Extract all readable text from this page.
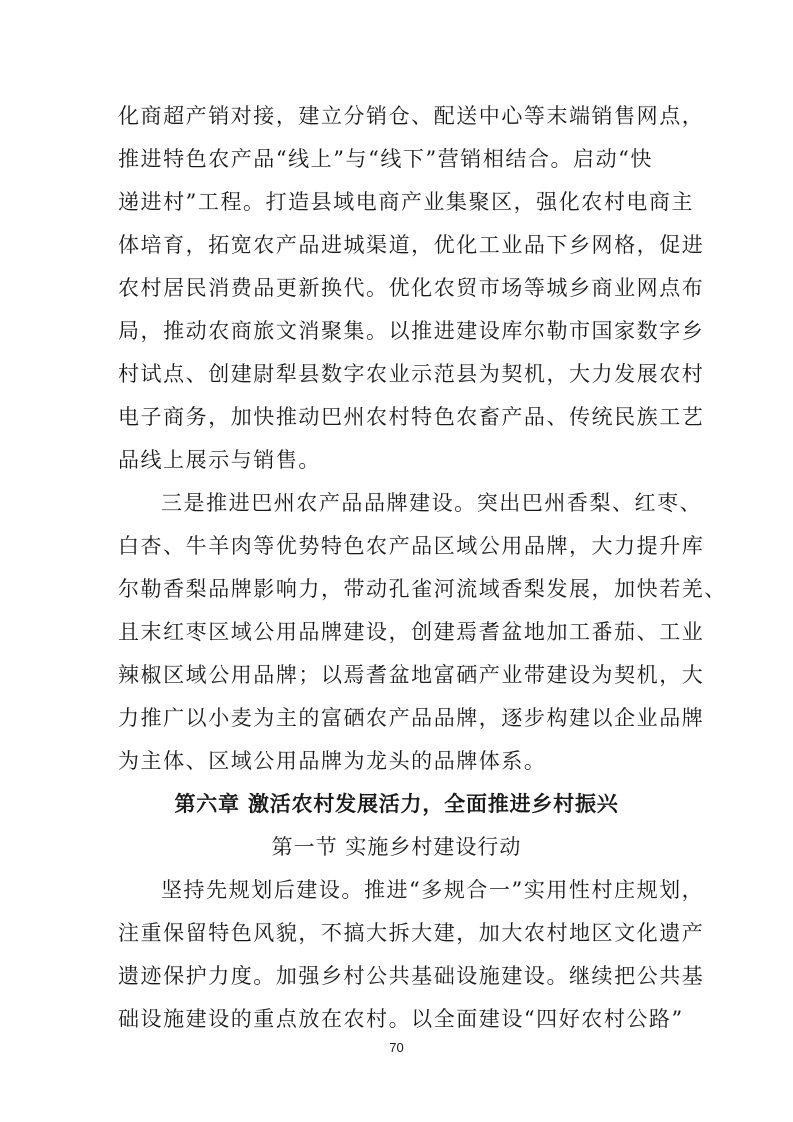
化商超产销对接，建立分销仓、配送中心等末端销售网点，
推进特色农产品“线上”与“线下”营销相结合。启动“快
递进村”工程。打造县域电商产业集聚区，强化农村电商主
体培育，拓宽农产品进城渠道，优化工业品下乡网格，促进
农村居民消费品更新换代。优化农贸市场等城乡商业网点布
局，推动农商旅文消聚集。以推进建设库尔勒市国家数字乡
村试点、创建尉犁县数字农业示范县为契机，大力发展农村
电子商务，加快推动巴州农村特色农畜产品、传统民族工艺
品线上展示与销售。
三是推进巴州农产品品牌建设。突出巴州香梨、红枣、
白杏、牛羊肉等优势特色农产品区域公用品牌，大力提升库
尔勒香梨品牌影响力，带动孔雀河流域香梨发展，加快若羌、
且末红枣区域公用品牌建设，创建焉耆盆地加工番茄、工业
辣椒区域公用品牌；以焉耆盆地富硒产业带建设为契机，大
力推广以小麦为主的富硒农产品品牌，逐步构建以企业品牌
为主体、区域公用品牌为龙头的品牌体系。
第六章 激活农村发展活力，全面推进乡村振兴
第一节 实施乡村建设行动
坚持先规划后建设。推进“多规合一”实用性村庄规划，
注重保留特色风貌，不搞大拆大建，加大农村地区文化遗产
遗迹保护力度。加强乡村公共基础设施建设。继续把公共基
础设施建设的重点放在农村。以全面建设“四好农村公路”
70
